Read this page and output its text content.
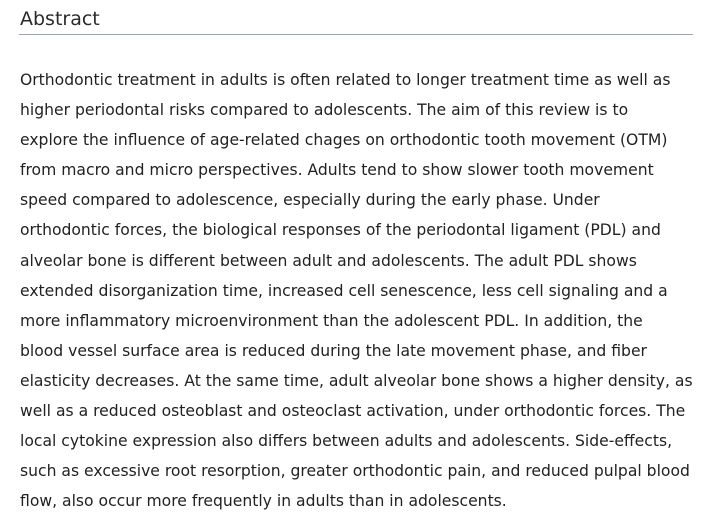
Abstract

Orthodontic treatment in adults is often related to longer treatment time as well as
higher periodontal risks compared to adolescents. The aim of this review is to
explore the influence of age-related chages on orthodontic tooth movement (OTM)
from macro and micro perspectives. Adults tend to show slower tooth movement
speed compared to adolescence, especially during the early phase. Under
orthodontic forces, the biological responses of the periodontal ligament (PDL) and
alveolar bone is different between adult and adolescents. The adult PDL shows
extended disorganization time, increased cell senescence, less cell signaling and a
more inflammatory microenvironment than the adolescent PDL. In addition, the
blood vessel surface area is reduced during the late movement phase, and fiber
elasticity decreases. At the same time, adult alveolar bone shows a higher density, as
well as a reduced osteoblast and osteoclast activation, under orthodontic forces. The
local cytokine expression also differs between adults and adolescents. Side-effects,
such as excessive root resorption, greater orthodontic pain, and reduced pulpal blood
flow, also occur more frequently in adults than in adolescents.
